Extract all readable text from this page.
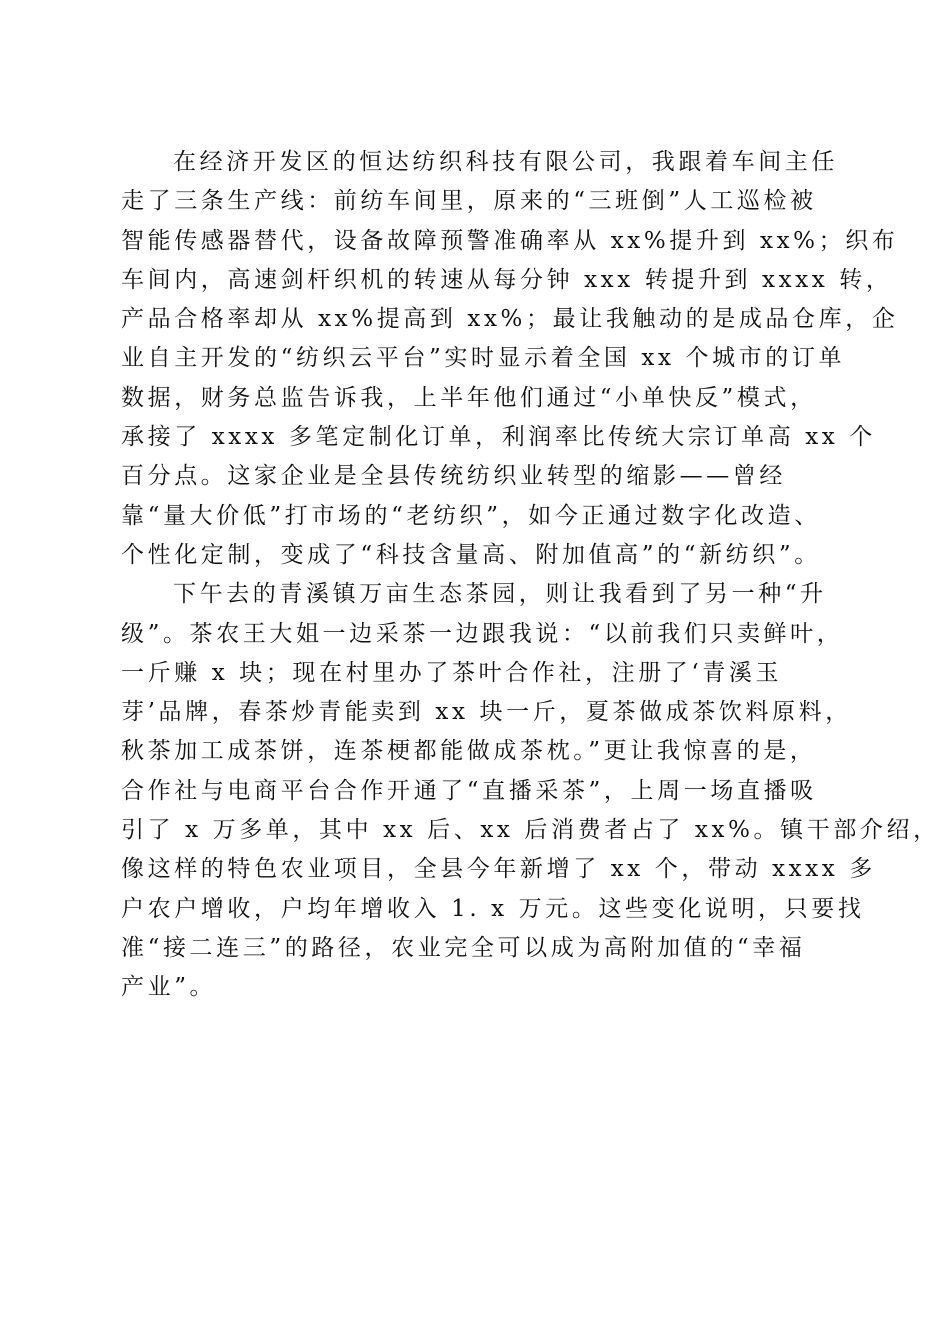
在经济开发区的恒达纺织科技有限公司，我跟着车间主任
走了三条生产线：前纺车间里，原来的“三班倒”人工巡检被
智能传感器替代，设备故障预警准确率从 xx%提升到 xx%；织布
车间内，高速剑杆织机的转速从每分钟 xxx 转提升到 xxxx 转，
产品合格率却从 xx%提高到 xx%；最让我触动的是成品仓库，企
业自主开发的“纺织云平台”实时显示着全国 xx 个城市的订单
数据，财务总监告诉我，上半年他们通过“小单快反”模式，
承接了 xxxx 多笔定制化订单，利润率比传统大宗订单高 xx 个
百分点。这家企业是全县传统纺织业转型的缩影——曾经
靠“量大价低”打市场的“老纺织”，如今正通过数字化改造、
个性化定制，变成了“科技含量高、附加值高”的“新纺织”。

下午去的青溪镇万亩生态茶园，则让我看到了另一种“升
级”。茶农王大姐一边采茶一边跟我说：“以前我们只卖鲜叶，
一斤赚 x 块；现在村里办了茶叶合作社，注册了‘青溪玉
芽’品牌，春茶炒青能卖到 xx 块一斤，夏茶做成茶饮料原料，
秋茶加工成茶饼，连茶梗都能做成茶枕。”更让我惊喜的是，
合作社与电商平台合作开通了“直播采茶”，上周一场直播吸
引了 x 万多单，其中 xx 后、xx 后消费者占了 xx%。镇干部介绍，
像这样的特色农业项目，全县今年新增了 xx 个，带动 xxxx 多
户农户增收，户均年增收入 1. x 万元。这些变化说明，只要找
准“接二连三”的路径，农业完全可以成为高附加值的“幸福
产业”。
